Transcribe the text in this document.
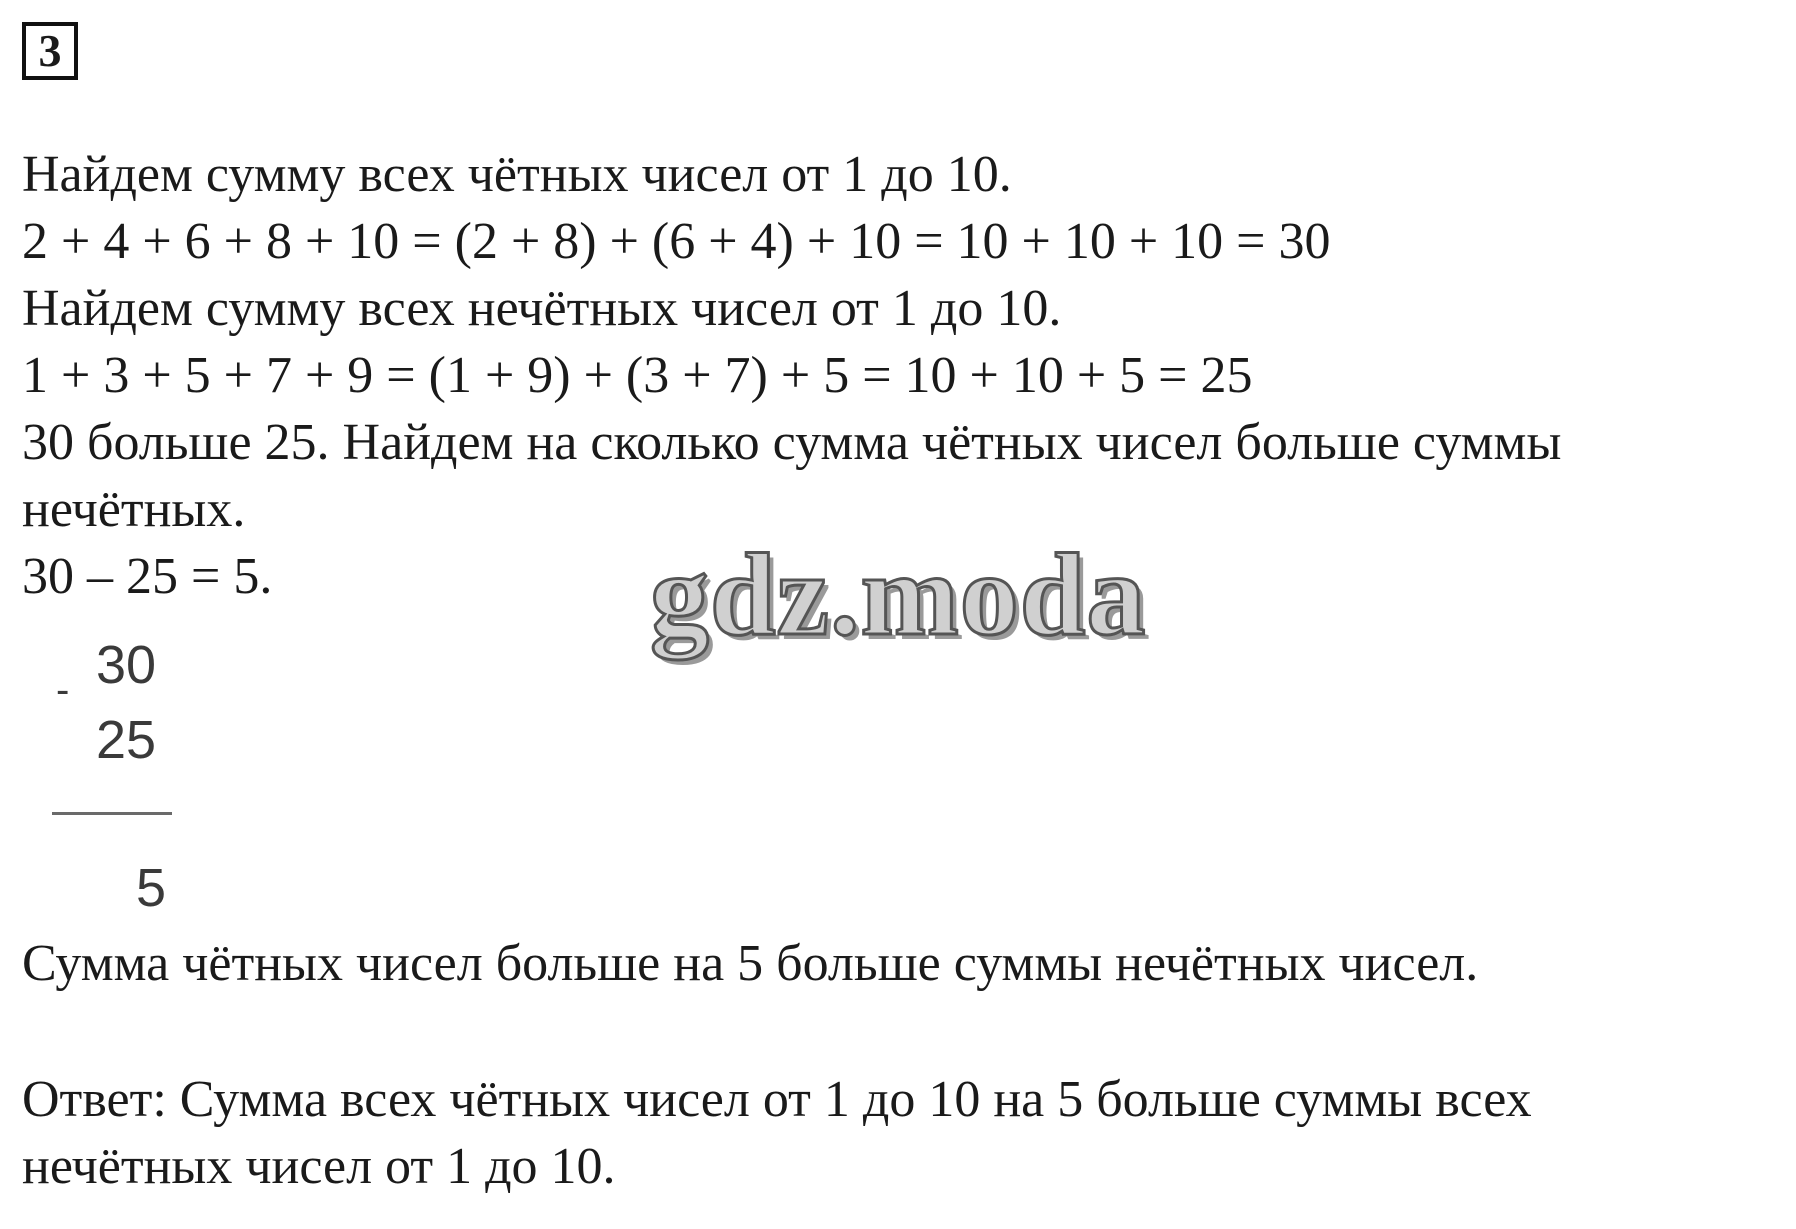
3
Найдем сумму всех чётных чисел от 1 до 10.
2 + 4 + 6 + 8 + 10 = (2 + 8) + (6 + 4) + 10 = 10 + 10 + 10 = 30
Найдем сумму всех нечётных чисел от 1 до 10.
1 + 3 + 5 + 7 + 9 = (1 + 9) + (3 + 7) + 5 = 10 + 10 + 5 = 25
30 больше 25. Найдем на сколько сумма чётных чисел больше суммы
нечётных.
30 – 25 = 5.	gdz.moda
30
-
25
5
Сумма чётных чисел больше на 5 больше суммы нечётных чисел.
Ответ: Сумма всех чётных чисел от 1 до 10 на 5 больше суммы всех
нечётных чисел от 1 до 10.
